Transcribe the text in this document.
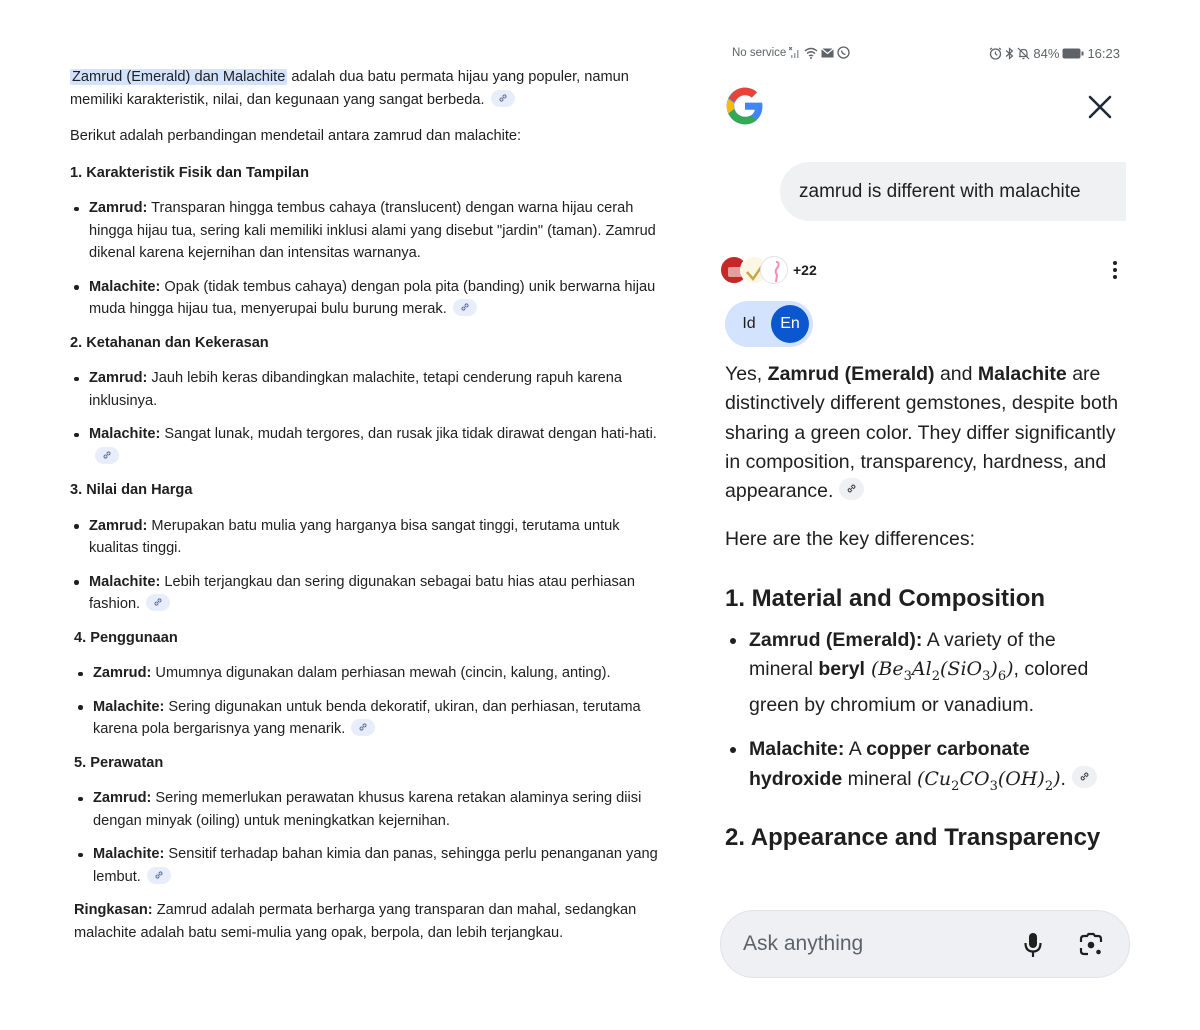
Zamrud (Emerald) dan Malachite adalah dua batu permata hijau yang populer, namun memiliki karakteristik, nilai, dan kegunaan yang sangat berbeda.

Berikut adalah perbandingan mendetail antara zamrud dan malachite:

1. Karakteristik Fisik dan Tampilan

Zamrud: Transparan hingga tembus cahaya (translucent) dengan warna hijau cerah hingga hijau tua, sering kali memiliki inklusi alami yang disebut "jardin" (taman). Zamrud dikenal karena kejernihan dan intensitas warnanya.
Malachite: Opak (tidak tembus cahaya) dengan pola pita (banding) unik berwarna hijau muda hingga hijau tua, menyerupai bulu burung merak.

2. Ketahanan dan Kekerasan

Zamrud: Jauh lebih keras dibandingkan malachite, tetapi cenderung rapuh karena inklusinya.
Malachite: Sangat lunak, mudah tergores, dan rusak jika tidak dirawat dengan hati-hati.

3. Nilai dan Harga

Zamrud: Merupakan batu mulia yang harganya bisa sangat tinggi, terutama untuk kualitas tinggi.
Malachite: Lebih terjangkau dan sering digunakan sebagai batu hias atau perhiasan fashion.

4. Penggunaan

Zamrud: Umumnya digunakan dalam perhiasan mewah (cincin, kalung, anting).
Malachite: Sering digunakan untuk benda dekoratif, ukiran, dan perhiasan, terutama karena pola bergarisnya yang menarik.

5. Perawatan

Zamrud: Sering memerlukan perawatan khusus karena retakan alaminya sering diisi dengan minyak (oiling) untuk meningkatkan kejernihan.
Malachite: Sensitif terhadap bahan kimia dan panas, sehingga perlu penanganan yang lembut.

Ringkasan: Zamrud adalah permata berharga yang transparan dan mahal, sedangkan malachite adalah batu semi-mulia yang opak, berpola, dan lebih terjangkau.

No service	84% 16:23
zamrud is different with malachite
+22
Id	En

Yes, Zamrud (Emerald) and Malachite are distinctively different gemstones, despite both sharing a green color. They differ significantly in composition, transparency, hardness, and appearance.

Here are the key differences:

1. Material and Composition
Zamrud (Emerald): A variety of the mineral beryl $(Be_3Al_2(SiO_3)_6)$, colored green by chromium or vanadium.
Malachite: A copper carbonate hydroxide mineral $(Cu_2CO_3(OH)_2)$.
2. Appearance and Transparency
Ask anything
